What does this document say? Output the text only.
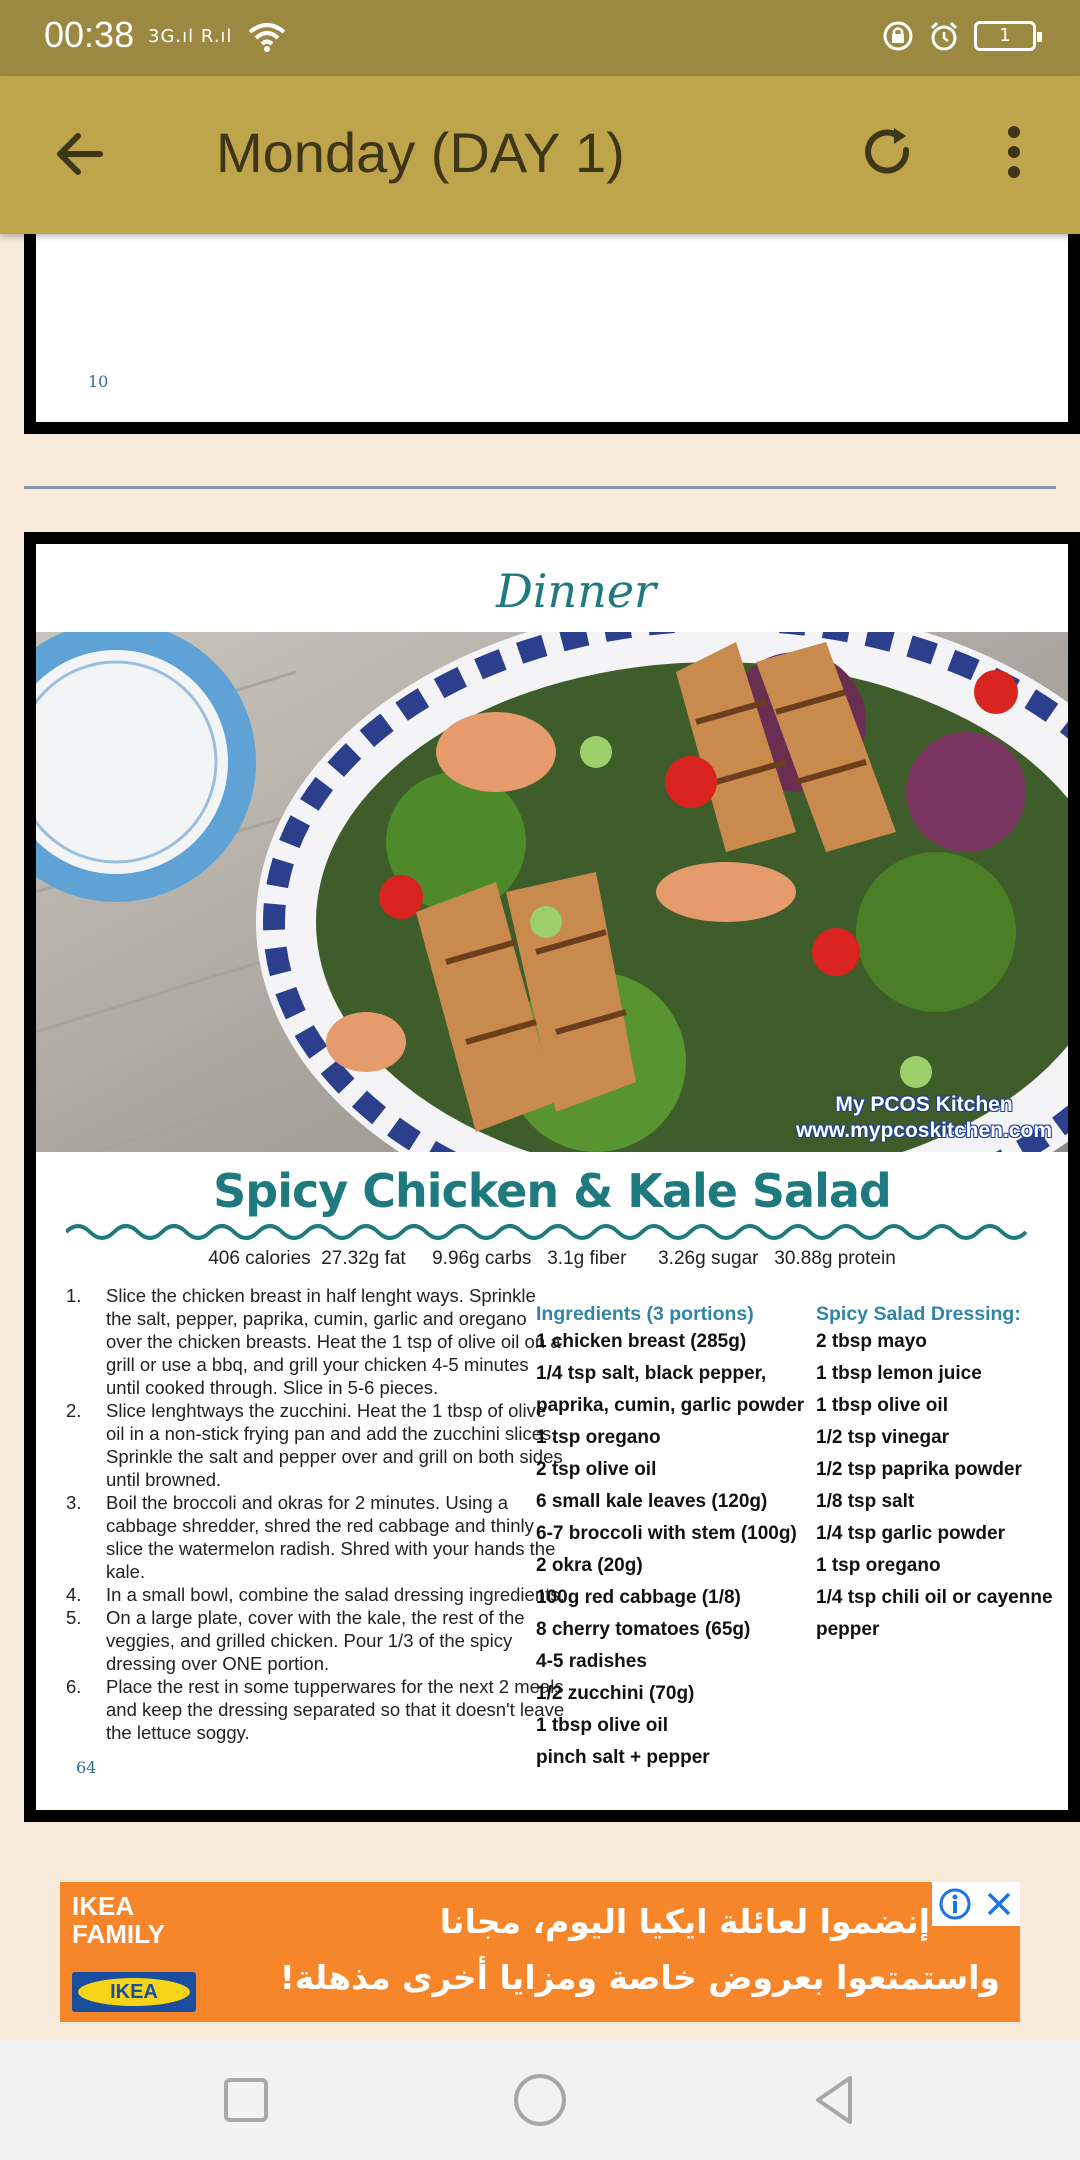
00:38 3G.ıl R.ıl	1
Monday (DAY 1)
10
Dinner
My PCOS Kitchen
www.mypcoskitchen.com
Spicy Chicken & Kale Salad
406 calories  27.32g fat     9.96g carbs   3.1g fiber      3.26g sugar   30.88g protein
1. Slice the chicken breast in half lenght ways. Sprinkle the salt, pepper, paprika, cumin, garlic and oregano over the chicken breasts. Heat the 1 tsp of olive oil on a grill or use a bbq, and grill your chicken 4-5 minutes until cooked through. Slice in 5-6 pieces.
2. Slice lenghtways the zucchini. Heat the 1 tbsp of olive oil in a non-stick frying pan and add the zucchini slices. Sprinkle the salt and pepper over and grill on both sides until browned.
3. Boil the broccoli and okras for 2 minutes. Using a cabbage shredder, shred the red cabbage and thinly slice the watermelon radish. Shred with your hands the kale.
4. In a small bowl, combine the salad dressing ingredients.
5. On a large plate, cover with the kale, the rest of the veggies, and grilled chicken. Pour 1/3 of the spicy dressing over ONE portion.
6. Place the rest in some tupperwares for the next 2 meals and keep the dressing separated so that it doesn't leave the lettuce soggy.
64
Ingredients (3 portions)
1 chicken breast (285g)
1/4 tsp salt, black pepper, paprika, cumin, garlic powder
1 tsp oregano
2 tsp olive oil
6 small kale leaves (120g)
6-7 broccoli with stem (100g)
2 okra (20g)
100g red cabbage (1/8)
8 cherry tomatoes (65g)
4-5 radishes
1/2 zucchini (70g)
1 tbsp olive oil
pinch salt + pepper
Spicy Salad Dressing:
2 tbsp mayo
1 tbsp lemon juice
1 tbsp olive oil
1/2 tsp vinegar
1/2 tsp paprika powder
1/8 tsp salt
1/4 tsp garlic powder
1 tsp oregano
1/4 tsp chili oil or cayenne pepper
IKEA
FAMILY
IKEA
إنضموا لعائلة ايكيا اليوم، مجانا
واستمتعوا بعروض خاصة ومزايا أخرى مذهلة!
